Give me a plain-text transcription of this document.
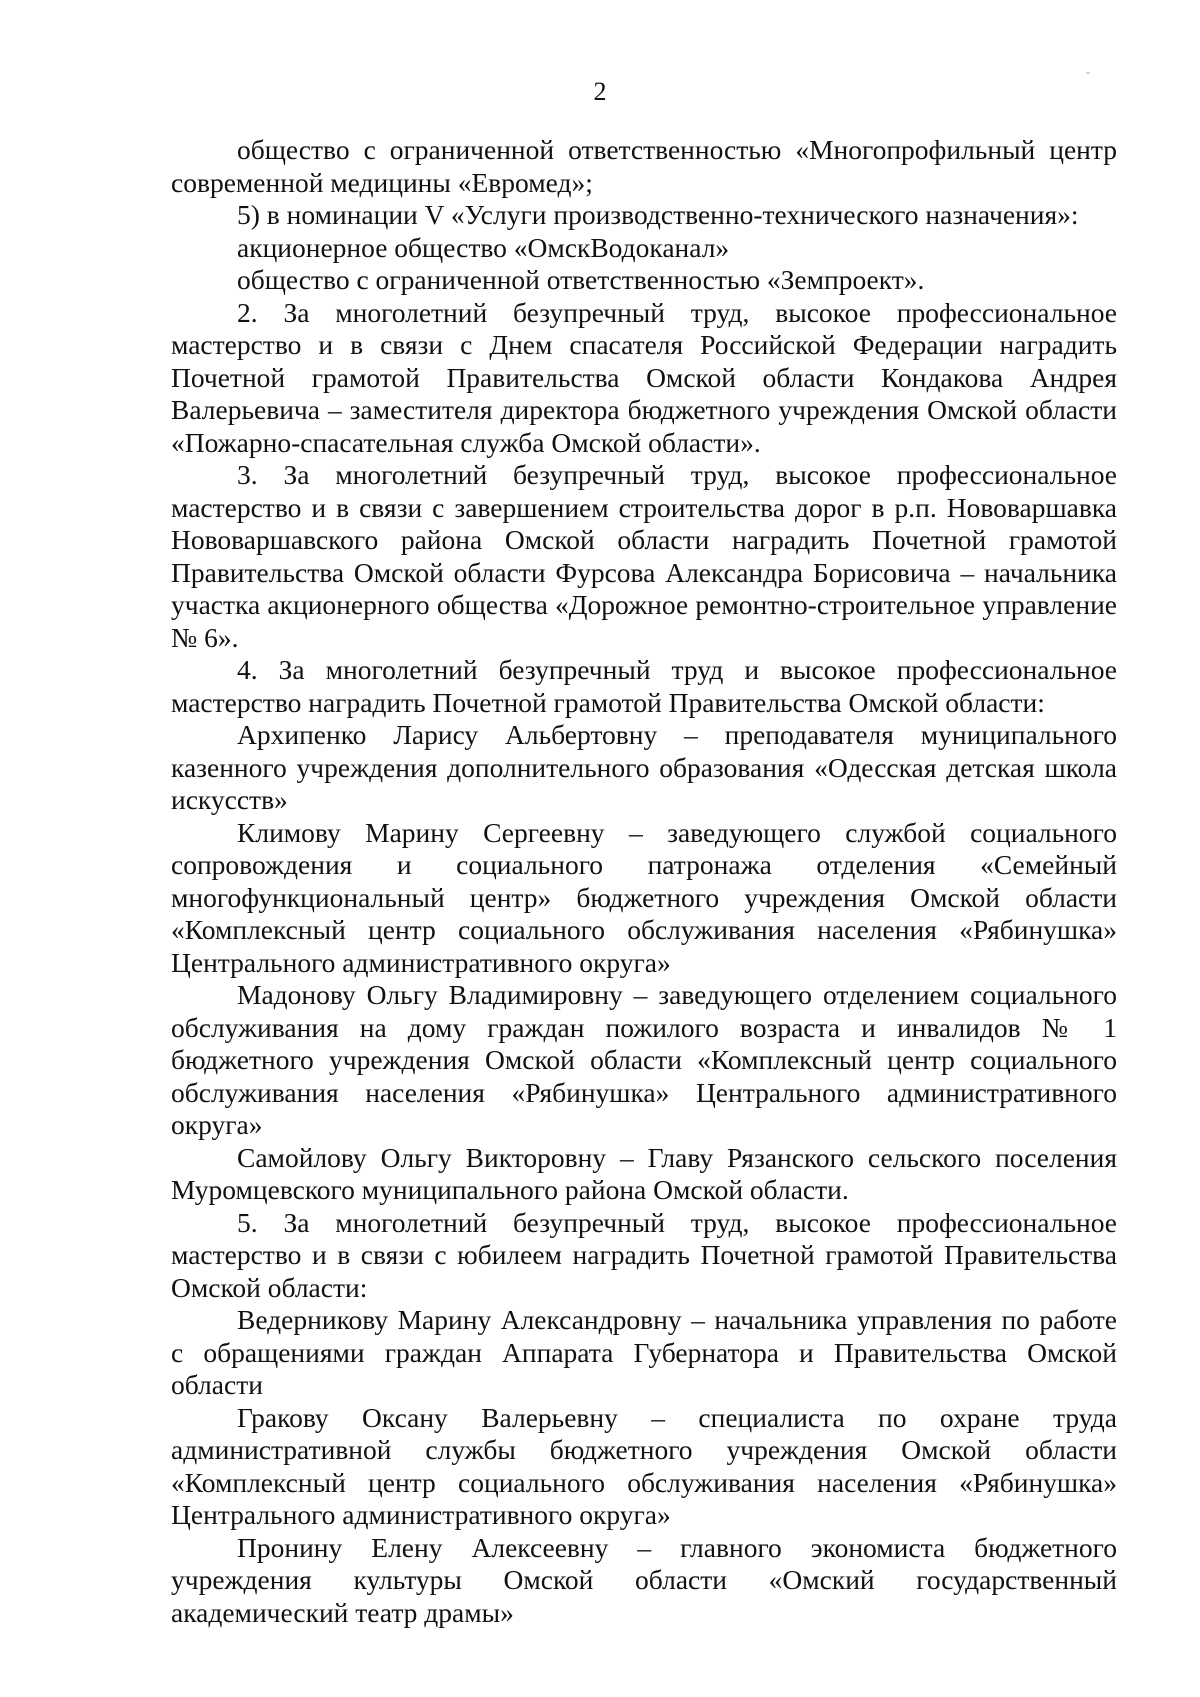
2

общество с ограниченной ответственностью «Многопрофильный центр современной медицины «Евромед»;

5) в номинации V «Услуги производственно-технического назначения»:

акционерное общество «ОмскВодоканал»

общество с ограниченной ответственностью «Земпроект».

2. За многолетний безупречный труд, высокое профессиональное мастерство и в связи с Днем спасателя Российской Федерации наградить Почетной грамотой Правительства Омской области Кондакова Андрея Валерьевича – заместителя директора бюджетного учреждения Омской области «Пожарно-спасательная служба Омской области».

3. За многолетний безупречный труд, высокое профессиональное мастерство и в связи с завершением строительства дорог в р.п. Нововаршавка Нововаршавского района Омской области наградить Почетной грамотой Правительства Омской области Фурсова Александра Борисовича – начальника участка акционерного общества «Дорожное ремонтно-строительное управление № 6».

4. За многолетний безупречный труд и высокое профессиональное мастерство наградить Почетной грамотой Правительства Омской области:

Архипенко Ларису Альбертовну – преподавателя муниципального казенного учреждения дополнительного образования «Одесская детская школа искусств»

Климову Марину Сергеевну – заведующего службой социального сопровождения и социального патронажа отделения «Семейный многофункциональный центр» бюджетного учреждения Омской области «Комплексный центр социального обслуживания населения «Рябинушка» Центрального административного округа»

Мадонову Ольгу Владимировну – заведующего отделением социального обслуживания на дому граждан пожилого возраста и инвалидов № 1 бюджетного учреждения Омской области «Комплексный центр социального обслуживания населения «Рябинушка» Центрального административного округа»

Самойлову Ольгу Викторовну – Главу Рязанского сельского поселения Муромцевского муниципального района Омской области.

5. За многолетний безупречный труд, высокое профессиональное мастерство и в связи с юбилеем наградить Почетной грамотой Правительства Омской области:

Ведерникову Марину Александровну – начальника управления по работе с обращениями граждан Аппарата Губернатора и Правительства Омской области

Гракову Оксану Валерьевну – специалиста по охране труда административной службы бюджетного учреждения Омской области «Комплексный центр социального обслуживания населения «Рябинушка» Центрального административного округа»

Пронину Елену Алексеевну – главного экономиста бюджетного учреждения культуры Омской области «Омский государственный академический театр драмы»
